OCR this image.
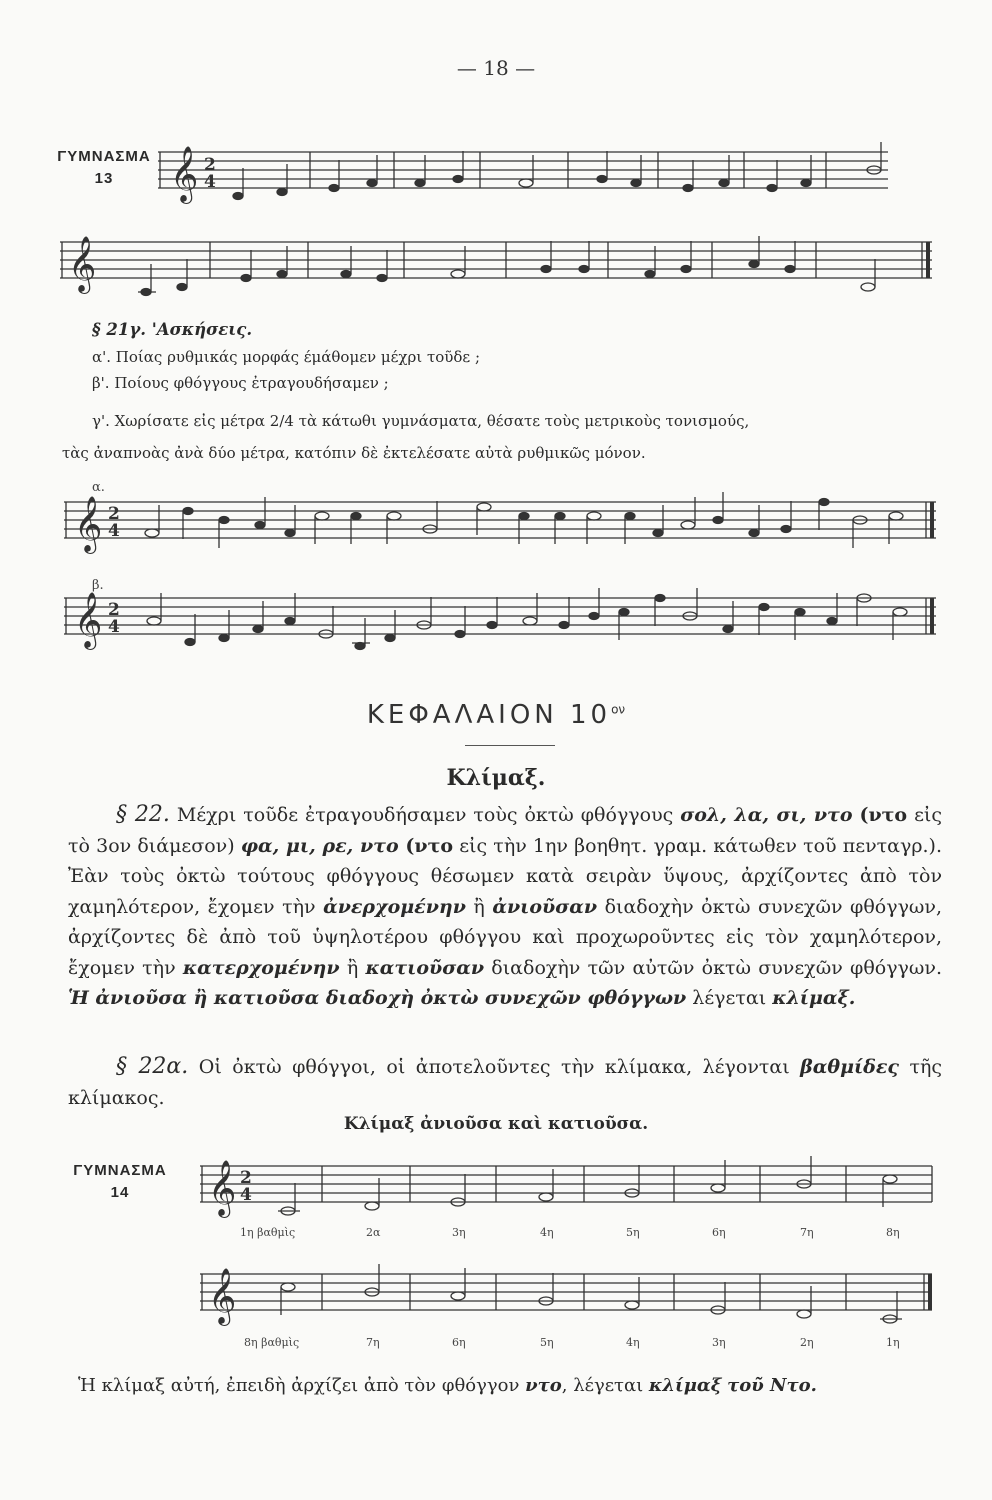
— 18 —
ΓΥΜΝΑΣΜΑ
13	𝄞 2
4
𝄞
§ 21γ. 'Ασκήσεις.
α'. Ποίας ρυθμικάς μορφάς έμάθομεν μέχρι τοῦδε ;
β'. Ποίους φθόγγους ἐτραγουδήσαμεν ;
γ'. Χωρίσατε εἰς μέτρα 2/4 τὰ κάτωθι γυμνάσματα, θέσατε τοὺς μετρικοὺς τονισμούς,
τὰς ἀναπνοὰς ἀνὰ δύο μέτρα, κατόπιν δὲ ἐκτελέσατε αὐτὰ ρυθμικῶς μόνον.
α.
𝄞 4
2
β.
𝄞 2
4
ΚΕΦΑΛΑΙΟΝ $10^{o\nu}$
Κλίμαξ.
§ 22. Μέχρι τοῦδε ἐτραγουδήσαμεν τοὺς ὀκτὼ φθόγγους σολ, λα, σι, ντο (ντο εἰς τὸ 3ον διάμεσον) φα, μι, ρε, ντο (ντο εἰς τὴν 1ην βοηθητ. γραμ. κάτωθεν τοῦ πενταγρ.). Ἐὰν τοὺς ὀκτὼ τούτους φθόγγους θέσωμεν κατὰ σειρὰν ὕψους, ἀρχίζοντες ἀπὸ τὸν χαμηλότερον, ἔχομεν τὴν ἀνερχομένην ἢ ἀνιοῦσαν διαδοχὴν ὀκτὼ συνεχῶν φθόγγων, ἀρχίζοντες δὲ ἀπὸ τοῦ ὑψηλοτέρου φθόγγου καὶ προχωροῦντες εἰς τὸν χαμηλότερον, ἔχομεν τὴν κατερχομένην ἢ κατιοῦσαν διαδοχὴν τῶν αὐτῶν ὀκτὼ συνεχῶν φθόγγων. Ἡ ἀνιοῦσα ἢ κατιοῦσα διαδοχὴ ὀκτὼ συνεχῶν φθόγγων λέγεται κλίμαξ.
§ 22α. Οἱ ὀκτὼ φθόγγοι, οἱ ἀποτελοῦντες τὴν κλίμακα, λέγονται βαθμίδες τῆς κλίμακος.
Κλίμαξ ἀνιοῦσα καὶ κατιοῦσα.
ΓΥΜΝΑΣΜΑ
14	𝄞 2
4
1η βαθμὶς	2α	3η	4η	5η	6η	7η	8η
𝄞
8η βαθμὶς	7η	6η	5η	4η	3η	2η	1η
Ἡ κλίμαξ αὐτή, ἐπειδὴ ἀρχίζει ἀπὸ τὸν φθόγγον ντο, λέγεται κλίμαξ τοῦ Ντο.
